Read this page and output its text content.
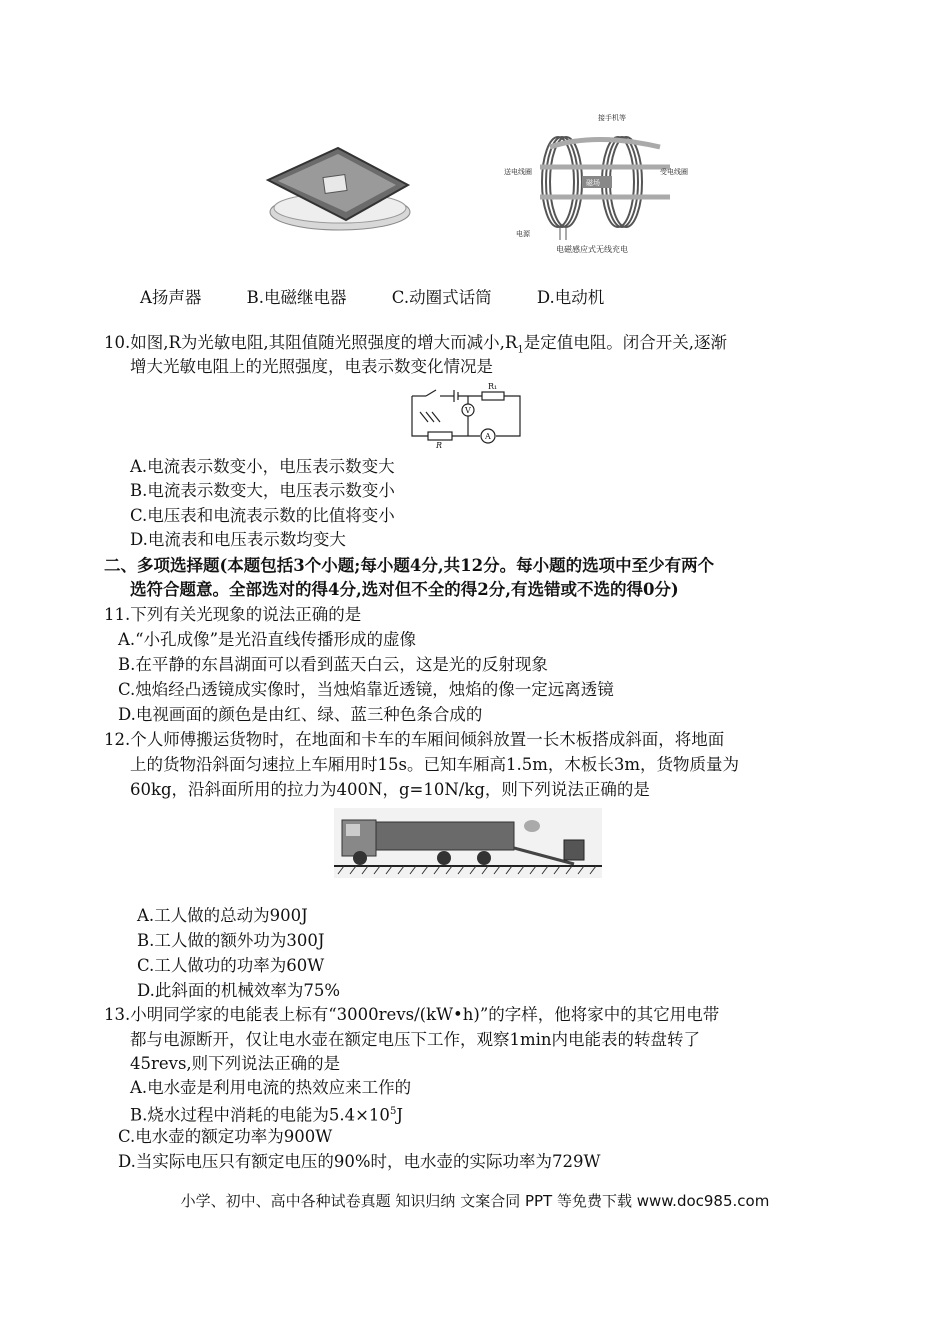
接手机等
送电线圈
磁场
受电线圈
电源
电磁感应式无线充电
A扬声器	B.电磁继电器	C.动圈式话筒	D.电动机
10.如图,R为光敏电阻,其阻值随光照强度的增大而减小$,R_1$是定值电阻。闭合开关,逐渐
增大光敏电阻上的光照强度，电表示数变化情况是
R₁
V
A
R
A.电流表示数变小，电压表示数变大
B.电流表示数变大，电压表示数变小
C.电压表和电流表示数的比值将变小
D.电流表和电压表示数均变大
二、多项选择题(本题包括3个小题;每小题4分,共12分。每小题的选项中至少有两个
选符合题意。全部选对的得4分,选对但不全的得2分,有选错或不选的得0分)
11.下列有关光现象的说法正确的是
A.“小孔成像”是光沿直线传播形成的虚像
B.在平静的东昌湖面可以看到蓝天白云，这是光的反射现象
C.烛焰经凸透镜成实像时，当烛焰靠近透镜，烛焰的像一定远离透镜
D.电视画面的颜色是由红、绿、蓝三种色条合成的
12.个人师傅搬运货物时，在地面和卡车的车厢间倾斜放置一长木板搭成斜面，将地面
上的货物沿斜面匀速拉上车厢用时15s。已知车厢高1.5m，木板长3m，货物质量为
60kg，沿斜面所用的拉力为400N，g=10N/kg，则下列说法正确的是
A.工人做的总动为900J
B.工人做的额外功为300J
C.工人做功的功率为60W
D.此斜面的机械效率为75%
13.小明同学家的电能表上标有“3000revs/(kW•h)”的字样，他将家中的其它用电带
都与电源断开，仅让电水壶在额定电压下工作，观察1min内电能表的转盘转了
45revs,则下列说法正确的是
A.电水壶是利用电流的热效应来工作的
B.烧水过程中消耗的电能为$5.4\times 10^5J$
C.电水壶的额定功率为900W
D.当实际电压只有额定电压的90%时，电水壶的实际功率为729W
小学、初中、高中各种试卷真题 知识归纳 文案合同 PPT 等免费下载 www.doc985.com
